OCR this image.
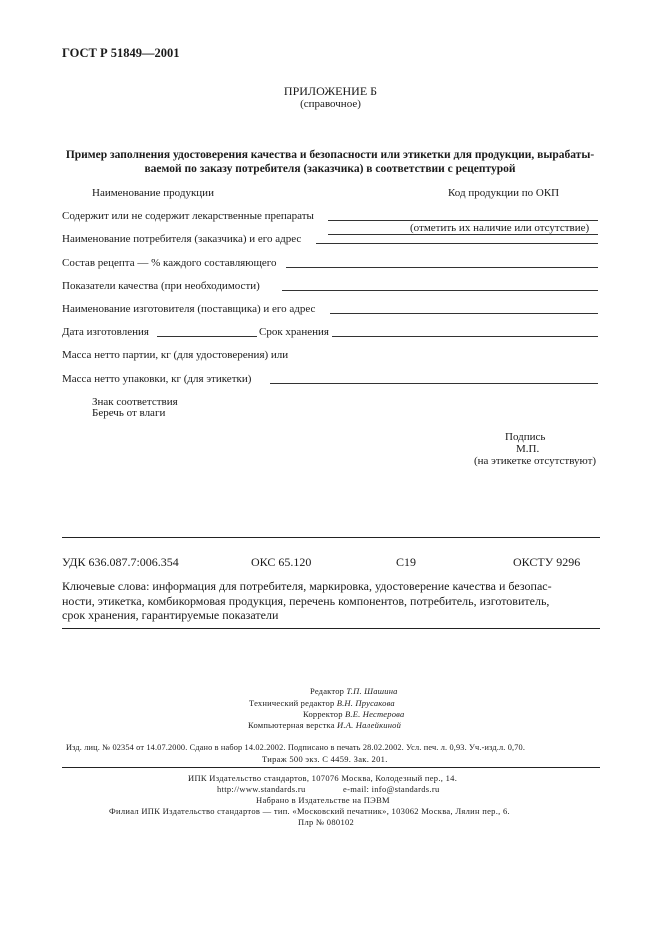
ГОСТ Р 51849—2001
ПРИЛОЖЕНИЕ Б
(справочное)
Пример заполнения удостоверения качества и безопасности или этикетки для продукции, вырабаты-
ваемой по заказу потребителя (заказчика) в соответствии с рецептурой
Наименование продукции	Код продукции по ОКП
Содержит или не содержит лекарственные препараты
(отметить их наличие или отсутствие)
Наименование потребителя (заказчика) и его адрес
Состав рецепта — % каждого составляющего
Показатели качества (при необходимости)
Наименование изготовителя (поставщика) и его адрес
Дата изготовления	Срок хранения
Масса нетто партии, кг (для удостоверения) или
Масса нетто упаковки, кг (для этикетки)
Знак соответствия
Беречь от влаги
Подпись
М.П.
(на этикетке отсутствуют)
УДК 636.087.7:006.354	ОКС 65.120	С19	ОКСТУ 9296
Ключевые слова: информация для потребителя, маркировка, удостоверение качества и безопас-
ности, этикетка, комбикормовая продукция, перечень компонентов, потребитель, изготовитель,
срок хранения, гарантируемые показатели
Редактор Т.П. Шашина
Технический редактор В.Н. Прусакова
Корректор В.Е. Нестерова
Компьютерная верстка И.А. Налейкиной
Изд. лиц. № 02354 от 14.07.2000. Сдано в набор 14.02.2002. Подписано в печать 28.02.2002. Усл. печ. л. 0,93. Уч.-изд.л. 0,70.
Тираж 500 экз. С 4459. Зак. 201.
ИПК Издательство стандартов, 107076 Москва, Колодезный пер., 14.
http://www.standards.ru	e-mail: info@standards.ru
Набрано в Издательстве на ПЭВМ
Филиал ИПК Издательство стандартов — тип. «Московский печатник», 103062 Москва, Лялин пер., 6.
Плр № 080102
